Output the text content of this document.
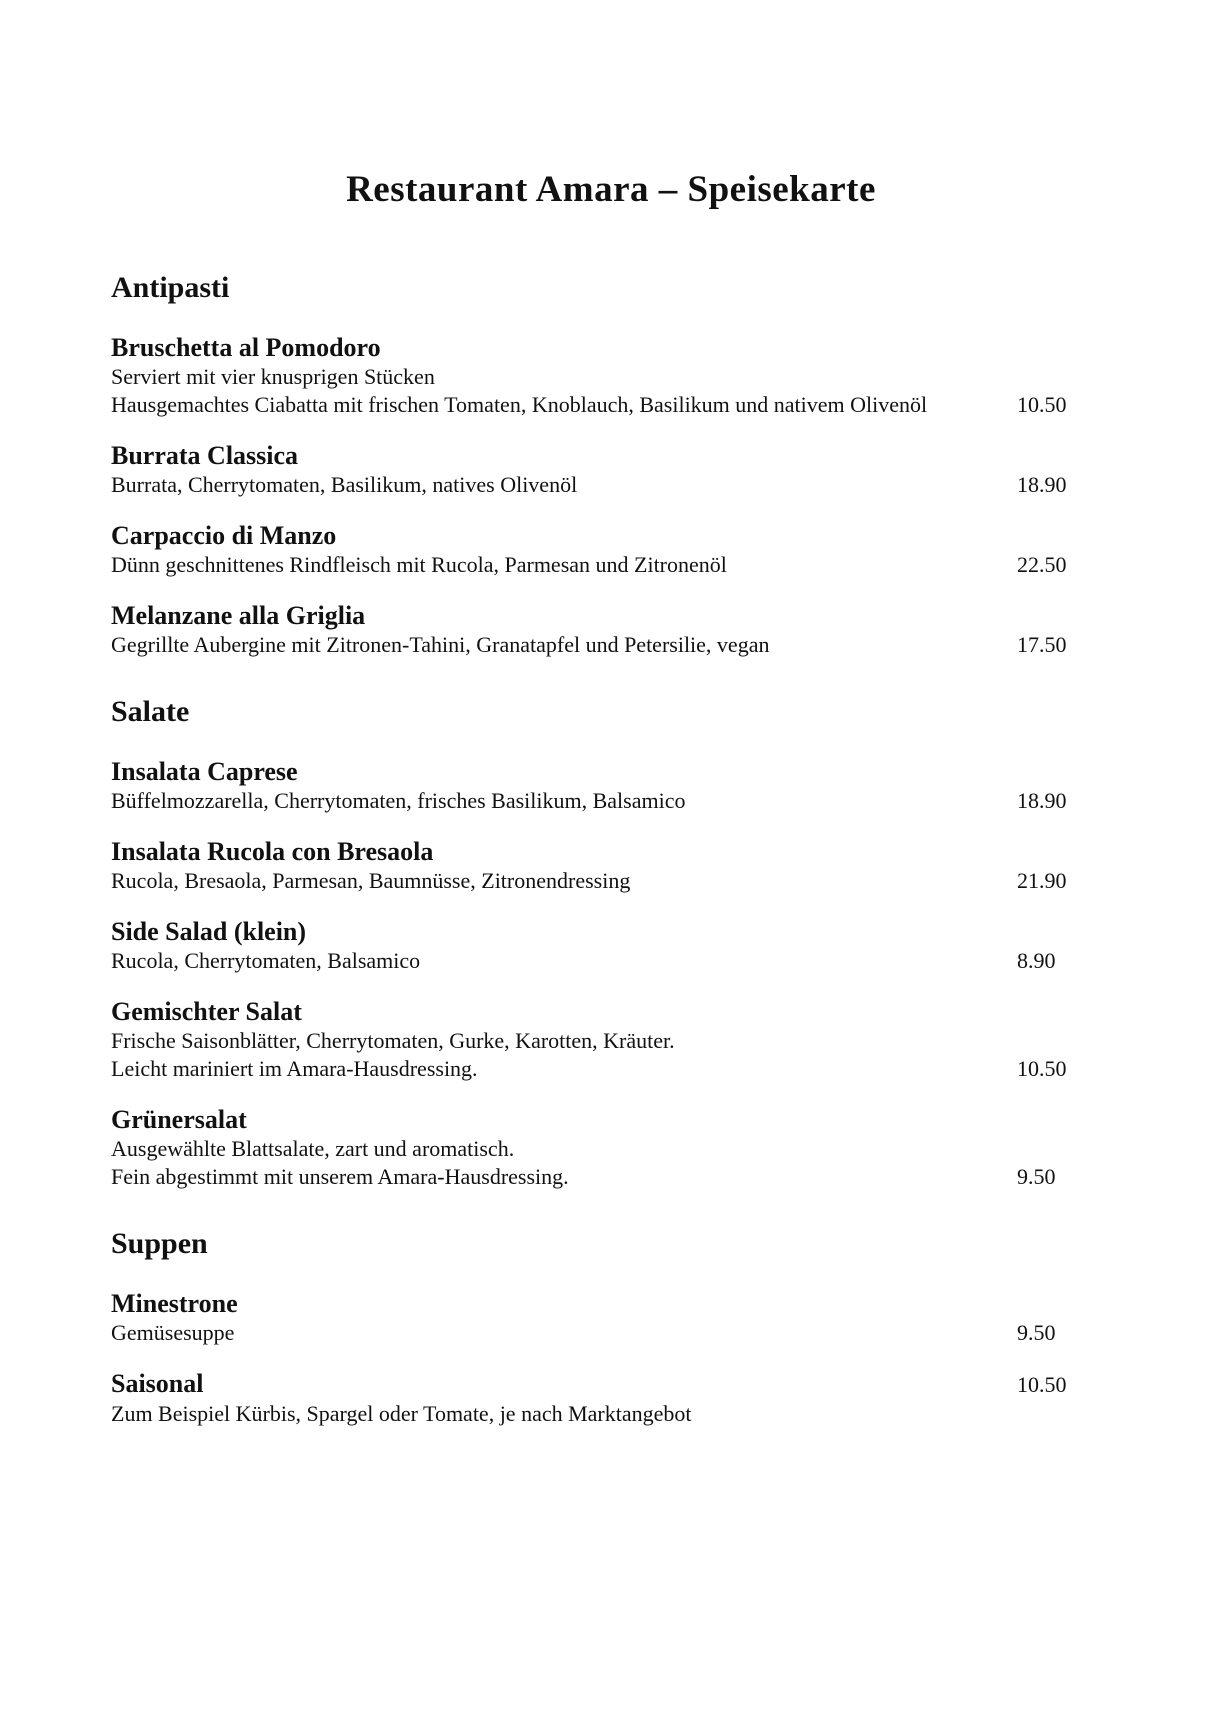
Restaurant Amara – Speisekarte
Antipasti
Bruschetta al Pomodoro
Serviert mit vier knusprigen Stücken
Hausgemachtes Ciabatta mit frischen Tomaten, Knoblauch, Basilikum und nativem Olivenöl	10.50
Burrata Classica
Burrata, Cherrytomaten, Basilikum, natives Olivenöl	18.90
Carpaccio di Manzo
Dünn geschnittenes Rindfleisch mit Rucola, Parmesan und Zitronenöl	22.50
Melanzane alla Griglia
Gegrillte Aubergine mit Zitronen-Tahini, Granatapfel und Petersilie, vegan	17.50
Salate
Insalata Caprese
Büffelmozzarella, Cherrytomaten, frisches Basilikum, Balsamico	18.90
Insalata Rucola con Bresaola
Rucola, Bresaola, Parmesan, Baumnüsse, Zitronendressing	21.90
Side Salad (klein)
Rucola, Cherrytomaten, Balsamico	8.90
Gemischter Salat
Frische Saisonblätter, Cherrytomaten, Gurke, Karotten, Kräuter.
Leicht mariniert im Amara-Hausdressing.	10.50
Grünersalat
Ausgewählte Blattsalate, zart und aromatisch.
Fein abgestimmt mit unserem Amara-Hausdressing.	9.50
Suppen
Minestrone
Gemüsesuppe	9.50
Saisonal	10.50
Zum Beispiel Kürbis, Spargel oder Tomate, je nach Marktangebot
